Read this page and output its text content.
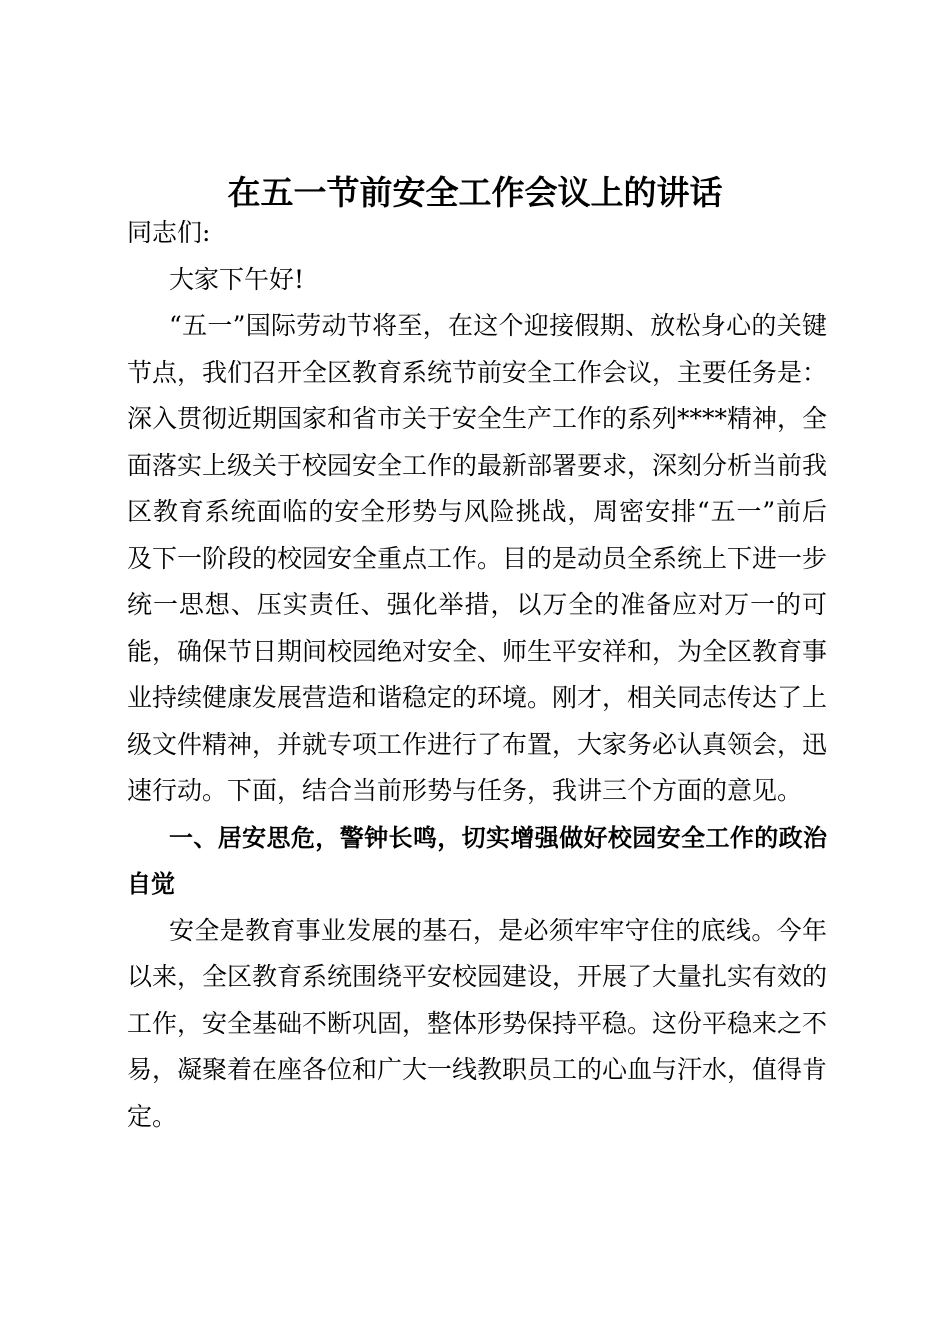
在五一节前安全工作会议上的讲话

同志们:

大家下午好!

“五一”国际劳动节将至，在这个迎接假期、放松身心的关键节点，我们召开全区教育系统节前安全工作会议，主要任务是：深入贯彻近期国家和省市关于安全生产工作的系列****精神，全面落实上级关于校园安全工作的最新部署要求，深刻分析当前我区教育系统面临的安全形势与风险挑战，周密安排“五一”前后及下一阶段的校园安全重点工作。目的是动员全系统上下进一步统一思想、压实责任、强化举措，以万全的准备应对万一的可能，确保节日期间校园绝对安全、师生平安祥和，为全区教育事业持续健康发展营造和谐稳定的环境。刚才，相关同志传达了上级文件精神，并就专项工作进行了布置，大家务必认真领会，迅速行动。下面，结合当前形势与任务，我讲三个方面的意见。

一、居安思危，警钟长鸣，切实增强做好校园安全工作的政治自觉

安全是教育事业发展的基石，是必须牢牢守住的底线。今年以来，全区教育系统围绕平安校园建设，开展了大量扎实有效的工作，安全基础不断巩固，整体形势保持平稳。这份平稳来之不易，凝聚着在座各位和广大一线教职员工的心血与汗水，值得肯定。
